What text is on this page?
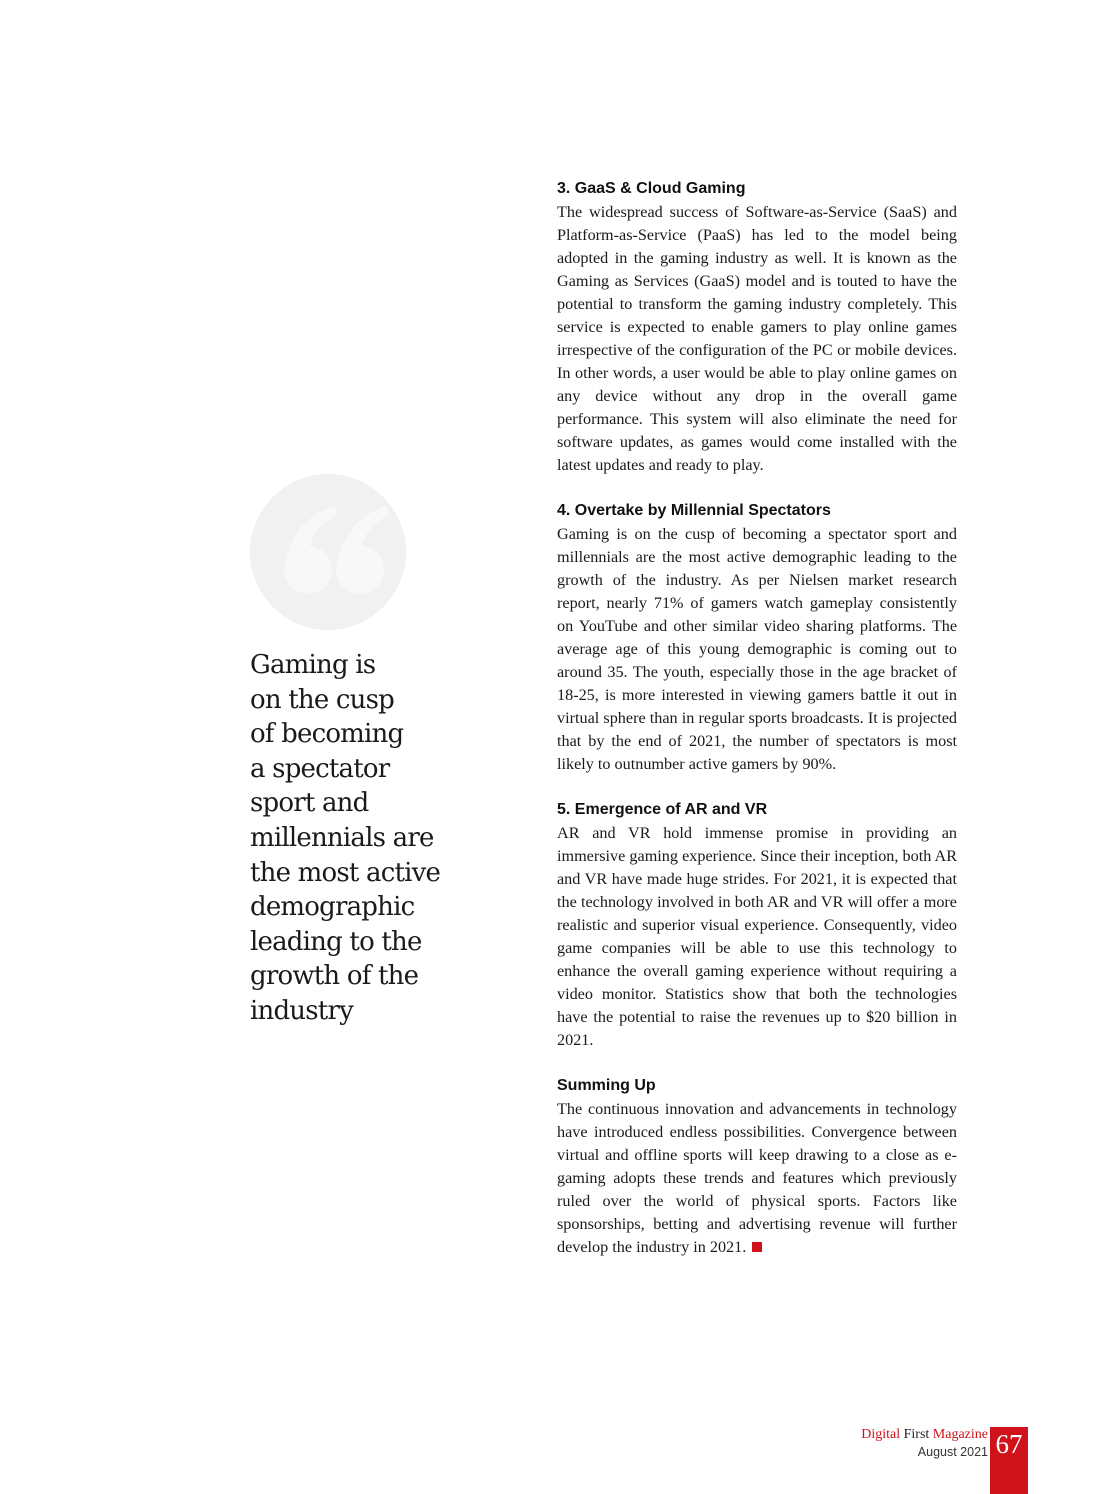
Gaming is
on the cusp
of becoming
a spectator
sport and
millennials are
the most active
demographic
leading to the
growth of the
industry
3. GaaS & Cloud Gaming

The widespread success of Software-as-Service (SaaS) and Platform-as-Service (PaaS) has led to the model being adopted in the gaming industry as well. It is known as the Gaming as Services (GaaS) model and is touted to have the potential to transform the gaming industry completely. This service is expected to enable gamers to play online games irrespective of the configuration of the PC or mobile devices. In other words, a user would be able to play online games on any device without any drop in the overall game performance. This system will also eliminate the need for software updates, as games would come installed with the latest updates and ready to play.

4. Overtake by Millennial Spectators

Gaming is on the cusp of becoming a spectator sport and millennials are the most active demographic leading to the growth of the industry. As per Nielsen market research report, nearly 71% of gamers watch gameplay consistently on YouTube and other similar video sharing platforms. The average age of this young demographic is coming out to around 35. The youth, especially those in the age bracket of 18-25, is more interested in viewing gamers battle it out in virtual sphere than in regular sports broadcasts. It is projected that by the end of 2021, the number of spectators is most likely to outnumber active gamers by 90%.

5. Emergence of AR and VR

AR and VR hold immense promise in providing an immersive gaming experience. Since their inception, both AR and VR have made huge strides. For 2021, it is expected that the technology involved in both AR and VR will offer a more realistic and superior visual experience. Consequently, video game companies will be able to use this technology to enhance the overall gaming experience without requiring a video monitor. Statistics show that both the technologies have the potential to raise the revenues up to $20 billion in 2021.

Summing Up

The continuous innovation and advancements in technology have introduced endless possibilities. Convergence between virtual and offline sports will keep drawing to a close as e-gaming adopts these trends and features which previously ruled over the world of physical sports. Factors like sponsorships, betting and advertising revenue will further develop the industry in 2021.

Digital First Magazine
August 2021 67
